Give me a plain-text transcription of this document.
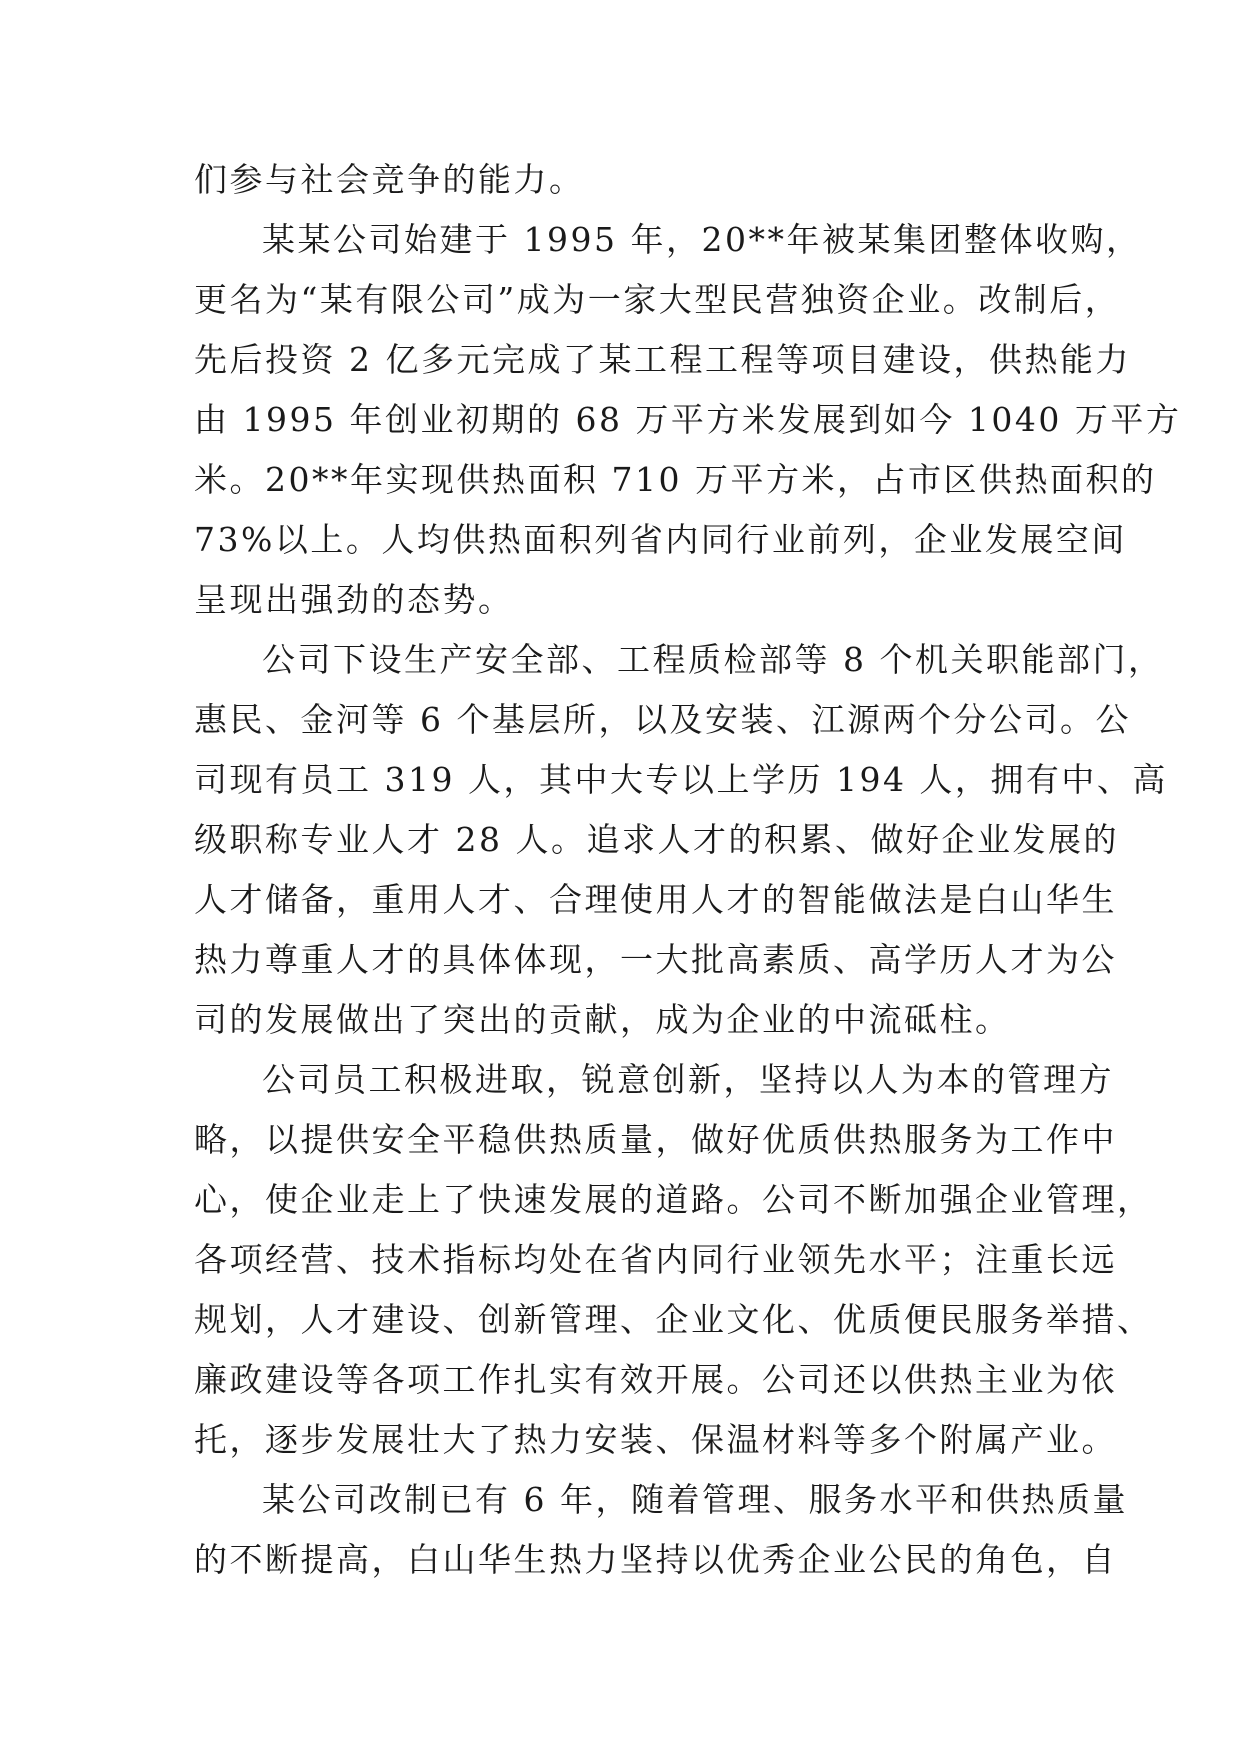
们参与社会竞争的能力。
某某公司始建于 1995 年，20**年被某集团整体收购，
更名为“某有限公司”成为一家大型民营独资企业。改制后，
先后投资 2 亿多元完成了某工程工程等项目建设，供热能力
由 1995 年创业初期的 68 万平方米发展到如今 1040 万平方
米。20**年实现供热面积 710 万平方米，占市区供热面积的
73%以上。人均供热面积列省内同行业前列，企业发展空间
呈现出强劲的态势。
公司下设生产安全部、工程质检部等 8 个机关职能部门，
惠民、金河等 6 个基层所，以及安装、江源两个分公司。公
司现有员工 319 人，其中大专以上学历 194 人，拥有中、高
级职称专业人才 28 人。追求人才的积累、做好企业发展的
人才储备，重用人才、合理使用人才的智能做法是白山华生
热力尊重人才的具体体现，一大批高素质、高学历人才为公
司的发展做出了突出的贡献，成为企业的中流砥柱。
公司员工积极进取，锐意创新，坚持以人为本的管理方
略，以提供安全平稳供热质量，做好优质供热服务为工作中
心，使企业走上了快速发展的道路。公司不断加强企业管理，
各项经营、技术指标均处在省内同行业领先水平；注重长远
规划，人才建设、创新管理、企业文化、优质便民服务举措、
廉政建设等各项工作扎实有效开展。公司还以供热主业为依
托，逐步发展壮大了热力安装、保温材料等多个附属产业。
某公司改制已有 6 年，随着管理、服务水平和供热质量
的不断提高，白山华生热力坚持以优秀企业公民的角色，自
